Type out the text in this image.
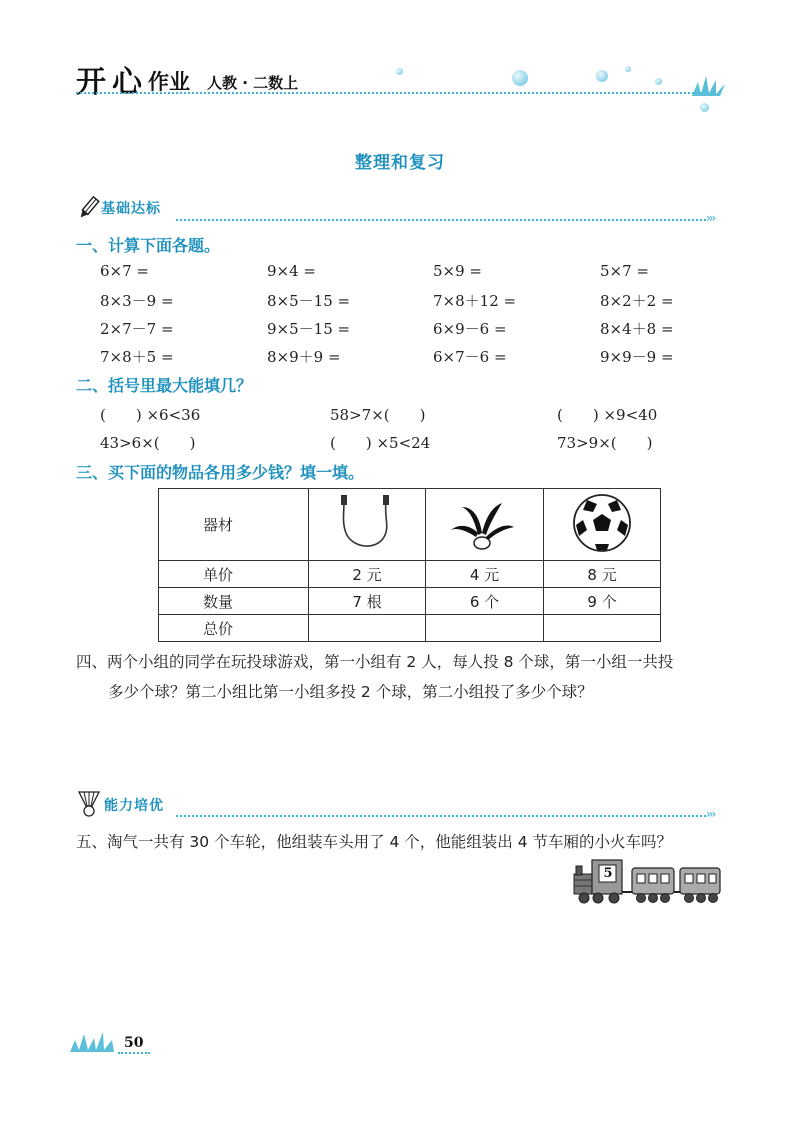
开 心 作业 人教 · 二数上
整理和复习
基础达标
›››
一、计算下面各题。
6×7 =	9×4 =	5×9 =	5×7 =
8×3－9 =	8×5－15 =	7×8＋12 =	8×2＋2 =
2×7－7 =	9×5－15 =	6×9－6 =	8×4＋8 =
7×8＋5 =	8×9＋9 =	6×7－6 =	9×9－9 =
二、括号里最大能填几？
(　　) ×6<36	58>7×(　　)	(　　) ×9<40
43>6×(　　)	(　　) ×5<24	73>9×(　　)
三、买下面的物品各用多少钱？填一填。
器材			
单价	2 元	4 元	8 元
数量	7 根	6 个	9 个
总价			
四、两个小组的同学在玩投球游戏，第一小组有 2 人，每人投 8 个球，第一小组一共投
多少个球？第二小组比第一小组多投 2 个球，第二小组投了多少个球？
能力培优	›››
五、淘气一共有 30 个车轮，他组装车头用了 4 个，他能组装出 4 节车厢的小火车吗？
5
50
